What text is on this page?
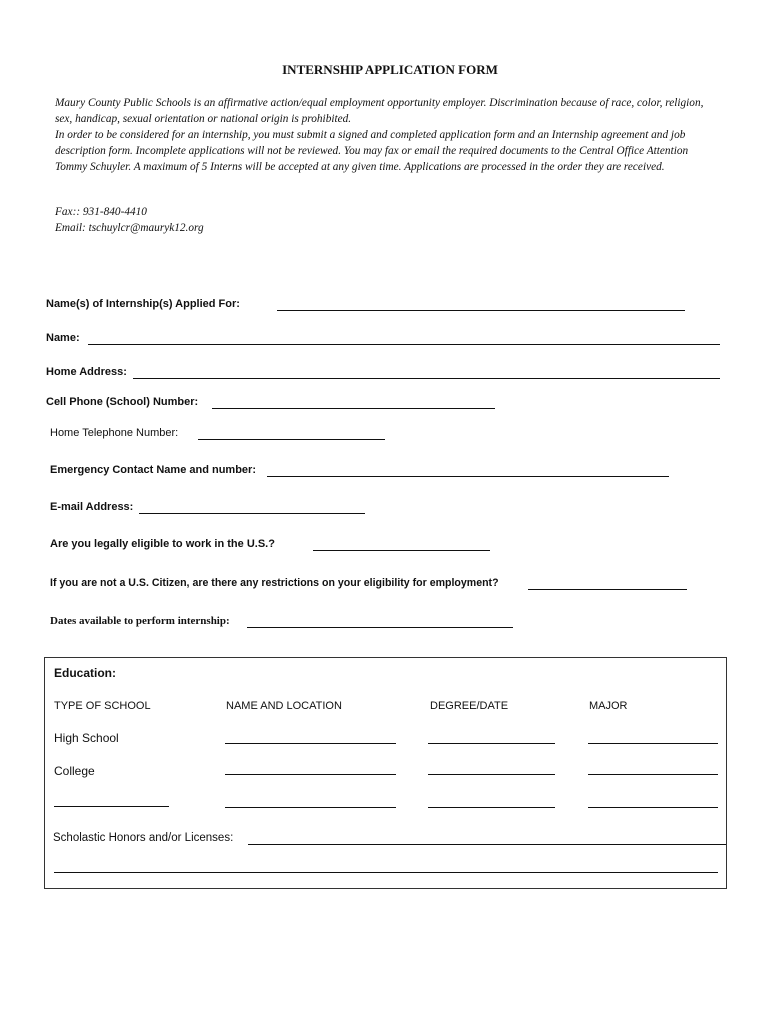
INTERNSHIP APPLICATION FORM

Maury County Public Schools is an affirmative action/equal employment opportunity employer. Discrimination because of race, color, religion, sex, handicap, sexual orientation or national origin is prohibited.

In order to be considered for an internship, you must submit a signed and completed application form and an Internship agreement and job description form. Incomplete applications will not be reviewed. You may fax or email the required documents to the Central Office Attention Tommy Schuyler. A maximum of 5 Interns will be accepted at any given time. Applications are processed in the order they are received.

Fax:: 931-840-4410
Email: tschuylcr@mauryk12.org
Name(s) of Internship(s) Applied For:
Name:
Home Address:
Cell Phone (School) Number:
Home Telephone Number:
Emergency Contact Name and number:
E-mail Address:
Are you legally eligible to work in the U.S.?
If you are not a U.S. Citizen, are there any restrictions on your eligibility for employment?
Dates available to perform internship:
Education:
TYPE OF SCHOOL	NAME AND LOCATION	DEGREE/DATE	MAJOR
High School
College
Scholastic Honors and/or Licenses:
